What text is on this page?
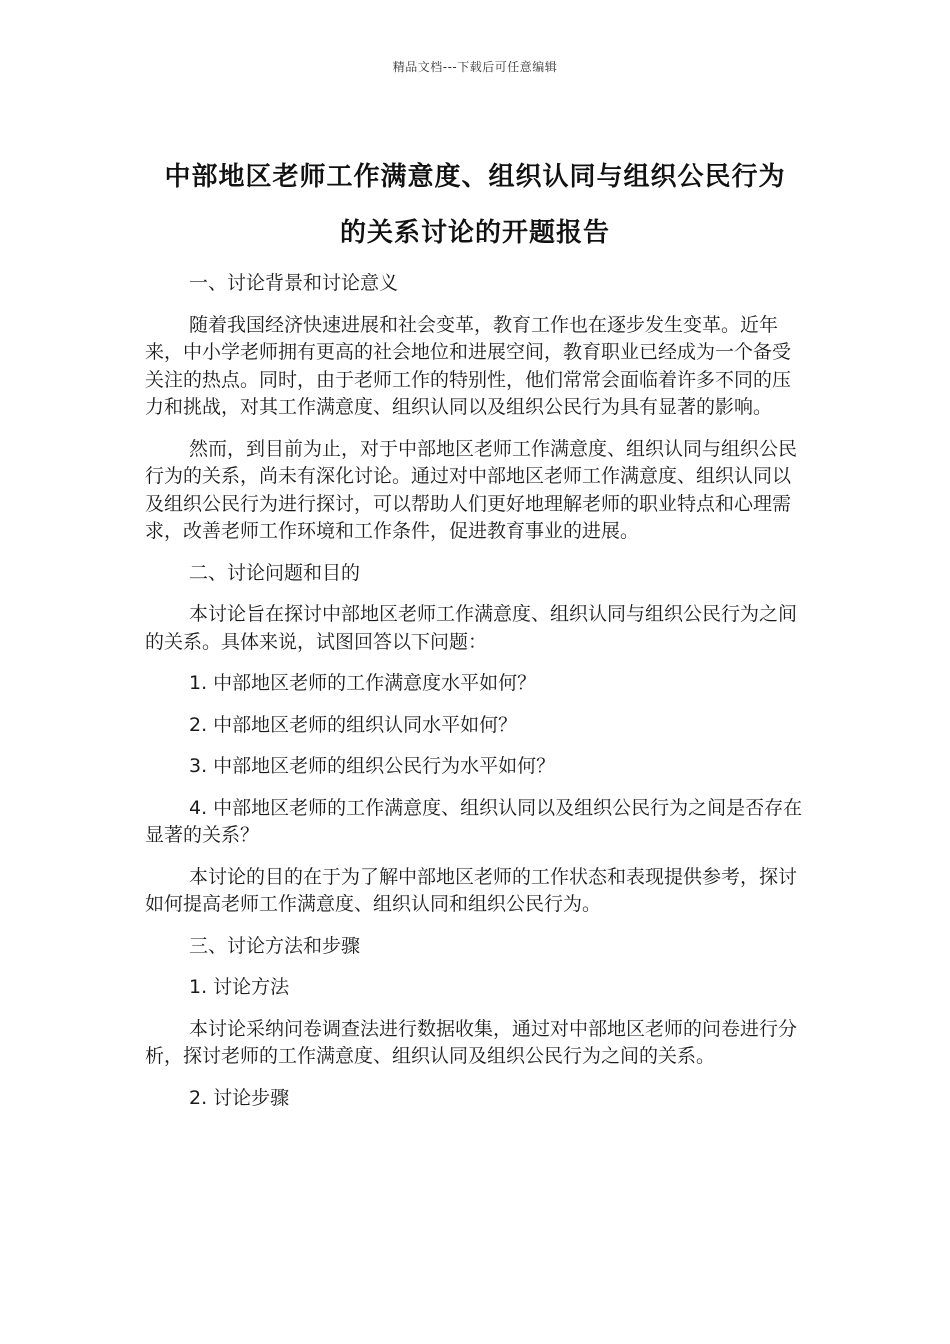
精品文档---下载后可任意编辑
中部地区老师工作满意度、组织认同与组织公民行为
的关系讨论的开题报告

一、讨论背景和讨论意义

随着我国经济快速进展和社会变革，教育工作也在逐步发生变革。近年来，中小学老师拥有更高的社会地位和进展空间，教育职业已经成为一个备受关注的热点。同时，由于老师工作的特别性，他们常常会面临着许多不同的压力和挑战，对其工作满意度、组织认同以及组织公民行为具有显著的影响。

然而，到目前为止，对于中部地区老师工作满意度、组织认同与组织公民行为的关系，尚未有深化讨论。通过对中部地区老师工作满意度、组织认同以及组织公民行为进行探讨，可以帮助人们更好地理解老师的职业特点和心理需求，改善老师工作环境和工作条件，促进教育事业的进展。

二、讨论问题和目的

本讨论旨在探讨中部地区老师工作满意度、组织认同与组织公民行为之间的关系。具体来说，试图回答以下问题：

1. 中部地区老师的工作满意度水平如何？

2. 中部地区老师的组织认同水平如何？

3. 中部地区老师的组织公民行为水平如何？

4. 中部地区老师的工作满意度、组织认同以及组织公民行为之间是否存在显著的关系？

本讨论的目的在于为了解中部地区老师的工作状态和表现提供参考，探讨如何提高老师工作满意度、组织认同和组织公民行为。

三、讨论方法和步骤

1. 讨论方法

本讨论采纳问卷调查法进行数据收集，通过对中部地区老师的问卷进行分析，探讨老师的工作满意度、组织认同及组织公民行为之间的关系。

2. 讨论步骤
